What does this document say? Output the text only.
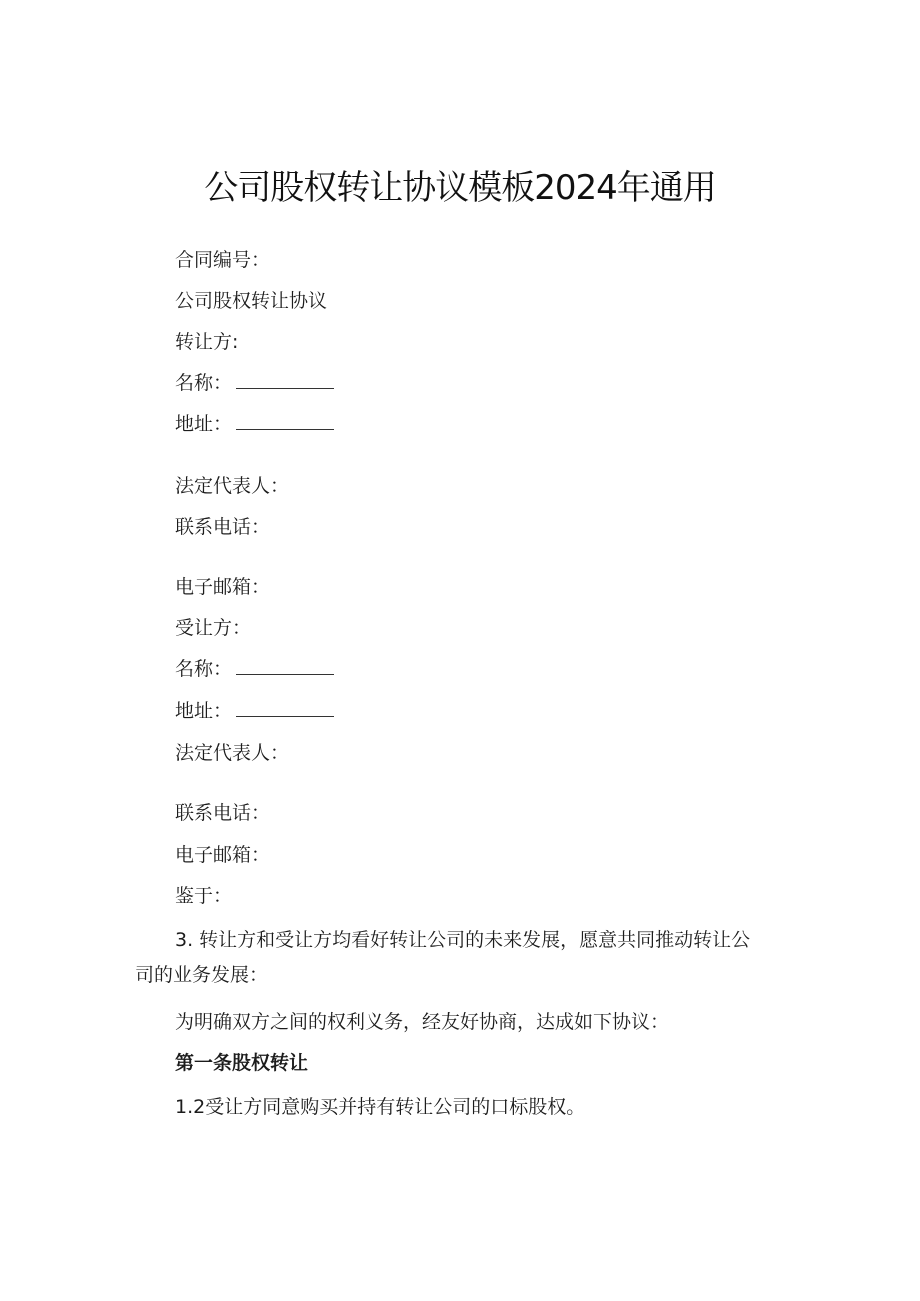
公司股权转让协议模板2024年通用
合同编号：
公司股权转让协议
转让方:
名称：
地址：
法定代表人：
联系电话：
电子邮箱：
受让方：
名称：
地址：
法定代表人：
联系电话：
电子邮箱：
鉴于：
3. 转让方和受让方均看好转让公司的未来发展，愿意共同推动转让公
司的业务发展：
为明确双方之间的权利义务，经友好协商，达成如下协议：
第一条股权转让
1.2受让方同意购买并持有转让公司的口标股权。
